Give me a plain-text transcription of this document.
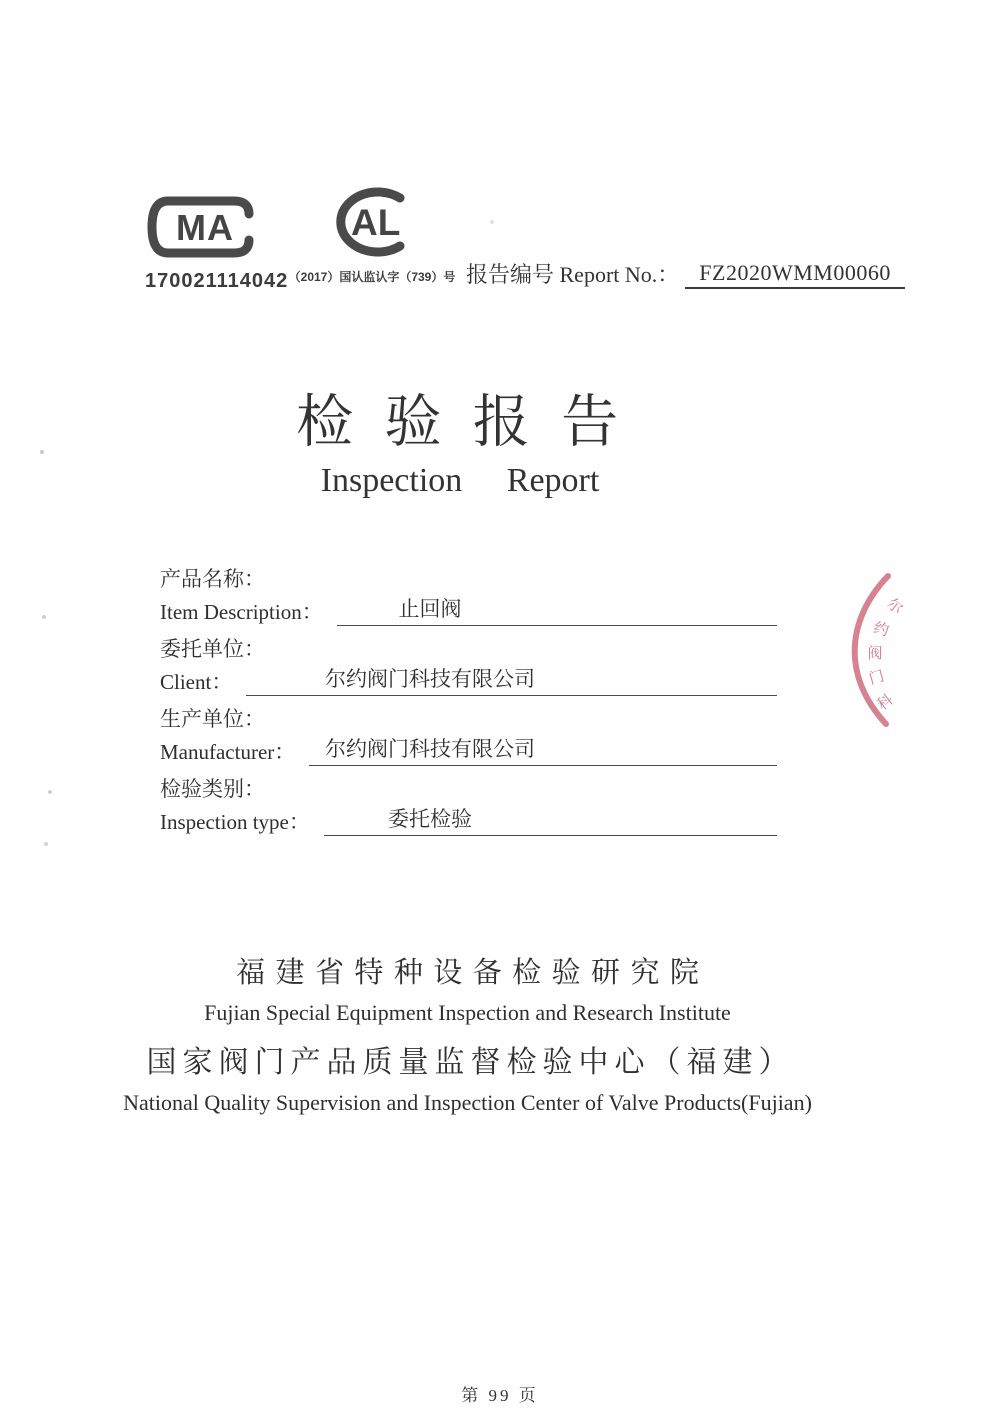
MA
170021114042
AL
（2017）国认监认字（739）号 报告编号 Report No.： FZ2020WMM00060
检验报告
Inspection Report
产品名称：
Item Description：	止回阀
委托单位：
Client：	尔约阀门科技有限公司
生产单位：
Manufacturer：	尔约阀门科技有限公司
检验类别：
Inspection type：	委托检验
福建省特种设备检验研究院
Fujian Special Equipment Inspection and Research Institute
国家阀门产品质量监督检验中心（福建）
National Quality Supervision and Inspection Center of Valve Products(Fujian)
尔
约
阀
门
科
第 99 页
